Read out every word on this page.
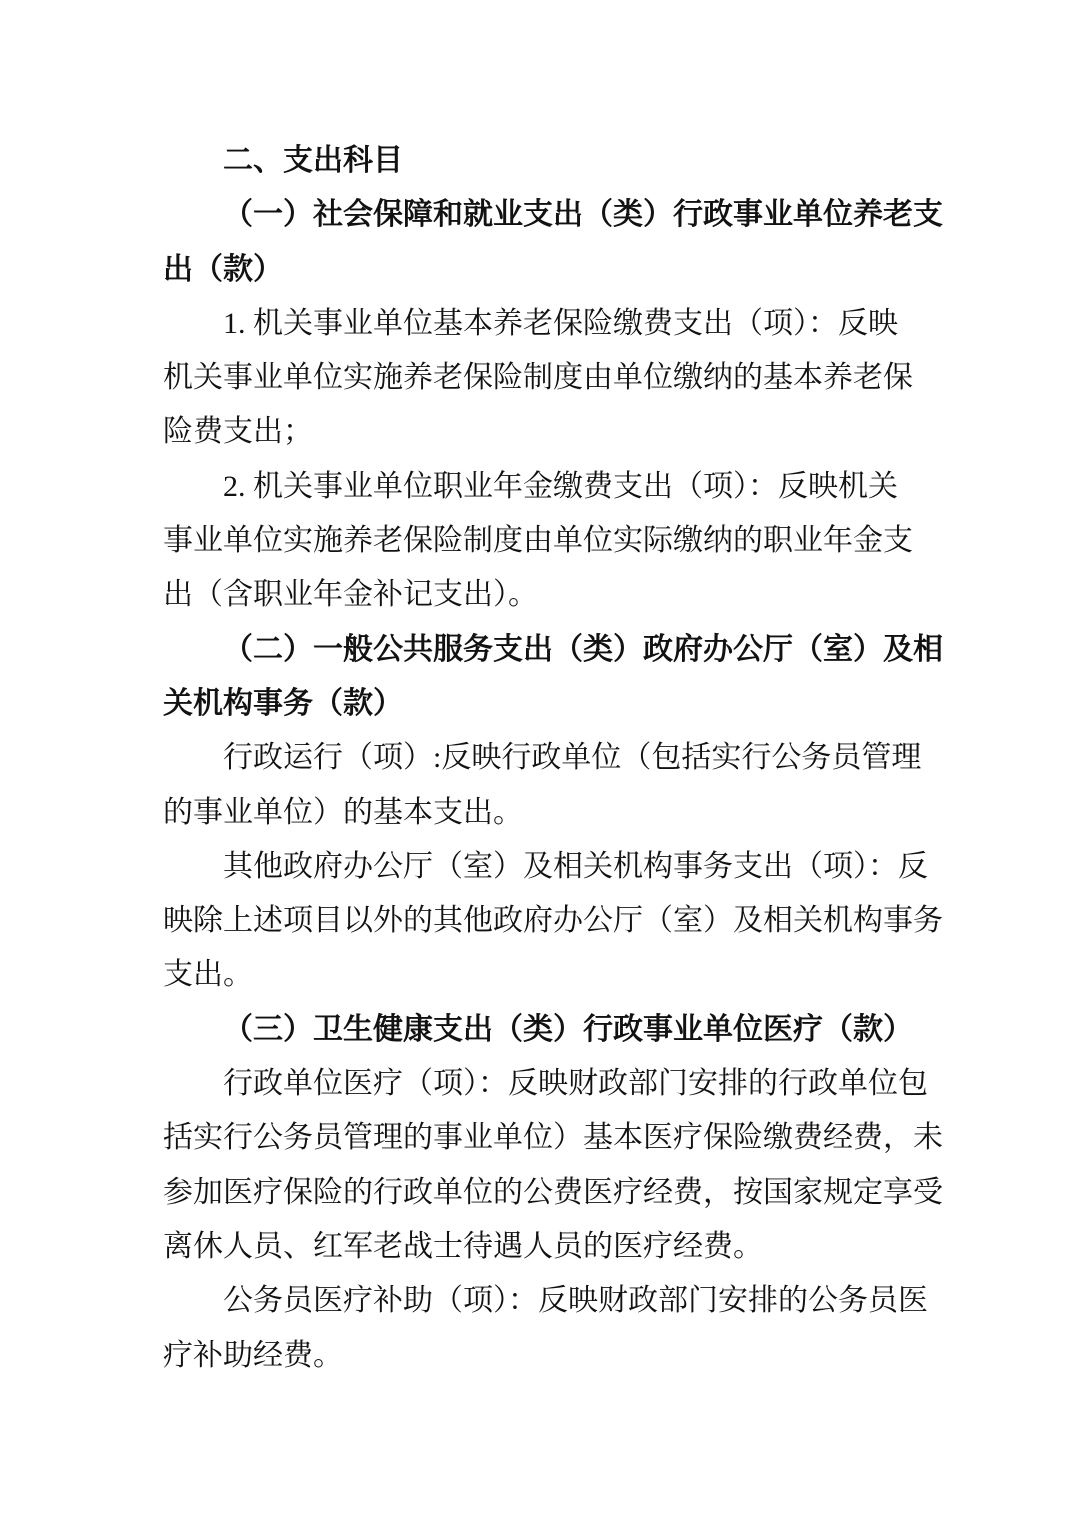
二、支出科目
（一）社会保障和就业支出（类）行政事业单位养老支
出（款）
1. 机关事业单位基本养老保险缴费支出（项）：反映
机关事业单位实施养老保险制度由单位缴纳的基本养老保
险费支出；
2. 机关事业单位职业年金缴费支出（项）：反映机关
事业单位实施养老保险制度由单位实际缴纳的职业年金支
出（含职业年金补记支出）。
（二）一般公共服务支出（类）政府办公厅（室）及相
关机构事务（款）
行政运行（项）:反映行政单位（包括实行公务员管理
的事业单位）的基本支出。
其他政府办公厅（室）及相关机构事务支出（项）：反
映除上述项目以外的其他政府办公厅（室）及相关机构事务
支出。
（三）卫生健康支出（类）行政事业单位医疗（款）
行政单位医疗（项）：反映财政部门安排的行政单位包
括实行公务员管理的事业单位）基本医疗保险缴费经费，未
参加医疗保险的行政单位的公费医疗经费，按国家规定享受
离休人员、红军老战士待遇人员的医疗经费。
公务员医疗补助（项）：反映财政部门安排的公务员医
疗补助经费。
